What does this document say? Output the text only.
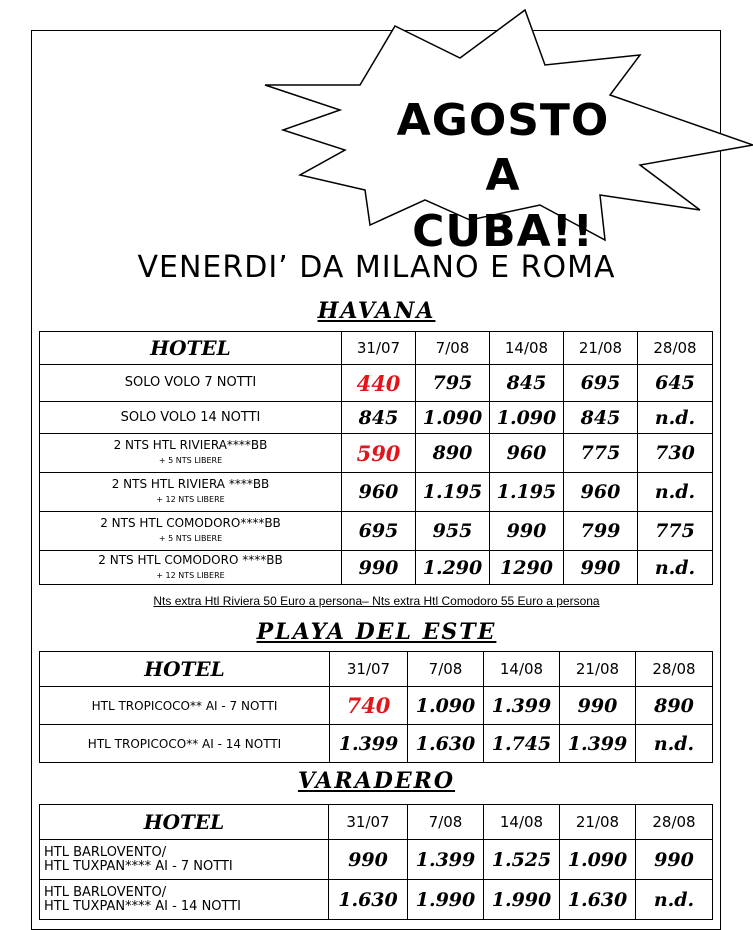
AGOSTO
A CUBA!!
VENERDI’ DA MILANO E ROMA
HAVANA
HOTEL	31/07	7/08	14/08	21/08	28/08
SOLO VOLO 7 NOTTI	440	795	845	695	645
SOLO VOLO 14 NOTTI	845	1.090	1.090	845	n.d.
2 NTS HTL RIVIERA****BB
+ 5 NTS LIBERE	590	890	960	775	730
2 NTS HTL RIVIERA ****BB
+ 12 NTS LIBERE	960	1.195	1.195	960	n.d.
2 NTS HTL COMODORO****BB
+ 5 NTS LIBERE	695	955	990	799	775
2 NTS HTL COMODORO ****BB
+ 12 NTS LIBERE	990	1.290	1290	990	n.d.
Nts extra Htl Riviera 50 Euro a persona– Nts extra Htl Comodoro 55 Euro a persona
PLAYA DEL ESTE
HOTEL	31/07	7/08	14/08	21/08	28/08
HTL TROPICOCO** AI - 7 NOTTI	740	1.090	1.399	990	890
HTL TROPICOCO** AI - 14 NOTTI	1.399	1.630	1.745	1.399	n.d.
VARADERO
HOTEL	31/07	7/08	14/08	21/08	28/08
HTL BARLOVENTO/
HTL TUXPAN**** AI - 7 NOTTI	990	1.399	1.525	1.090	990
HTL BARLOVENTO/
HTL TUXPAN**** AI - 14 NOTTI	1.630	1.990	1.990	1.630	n.d.
